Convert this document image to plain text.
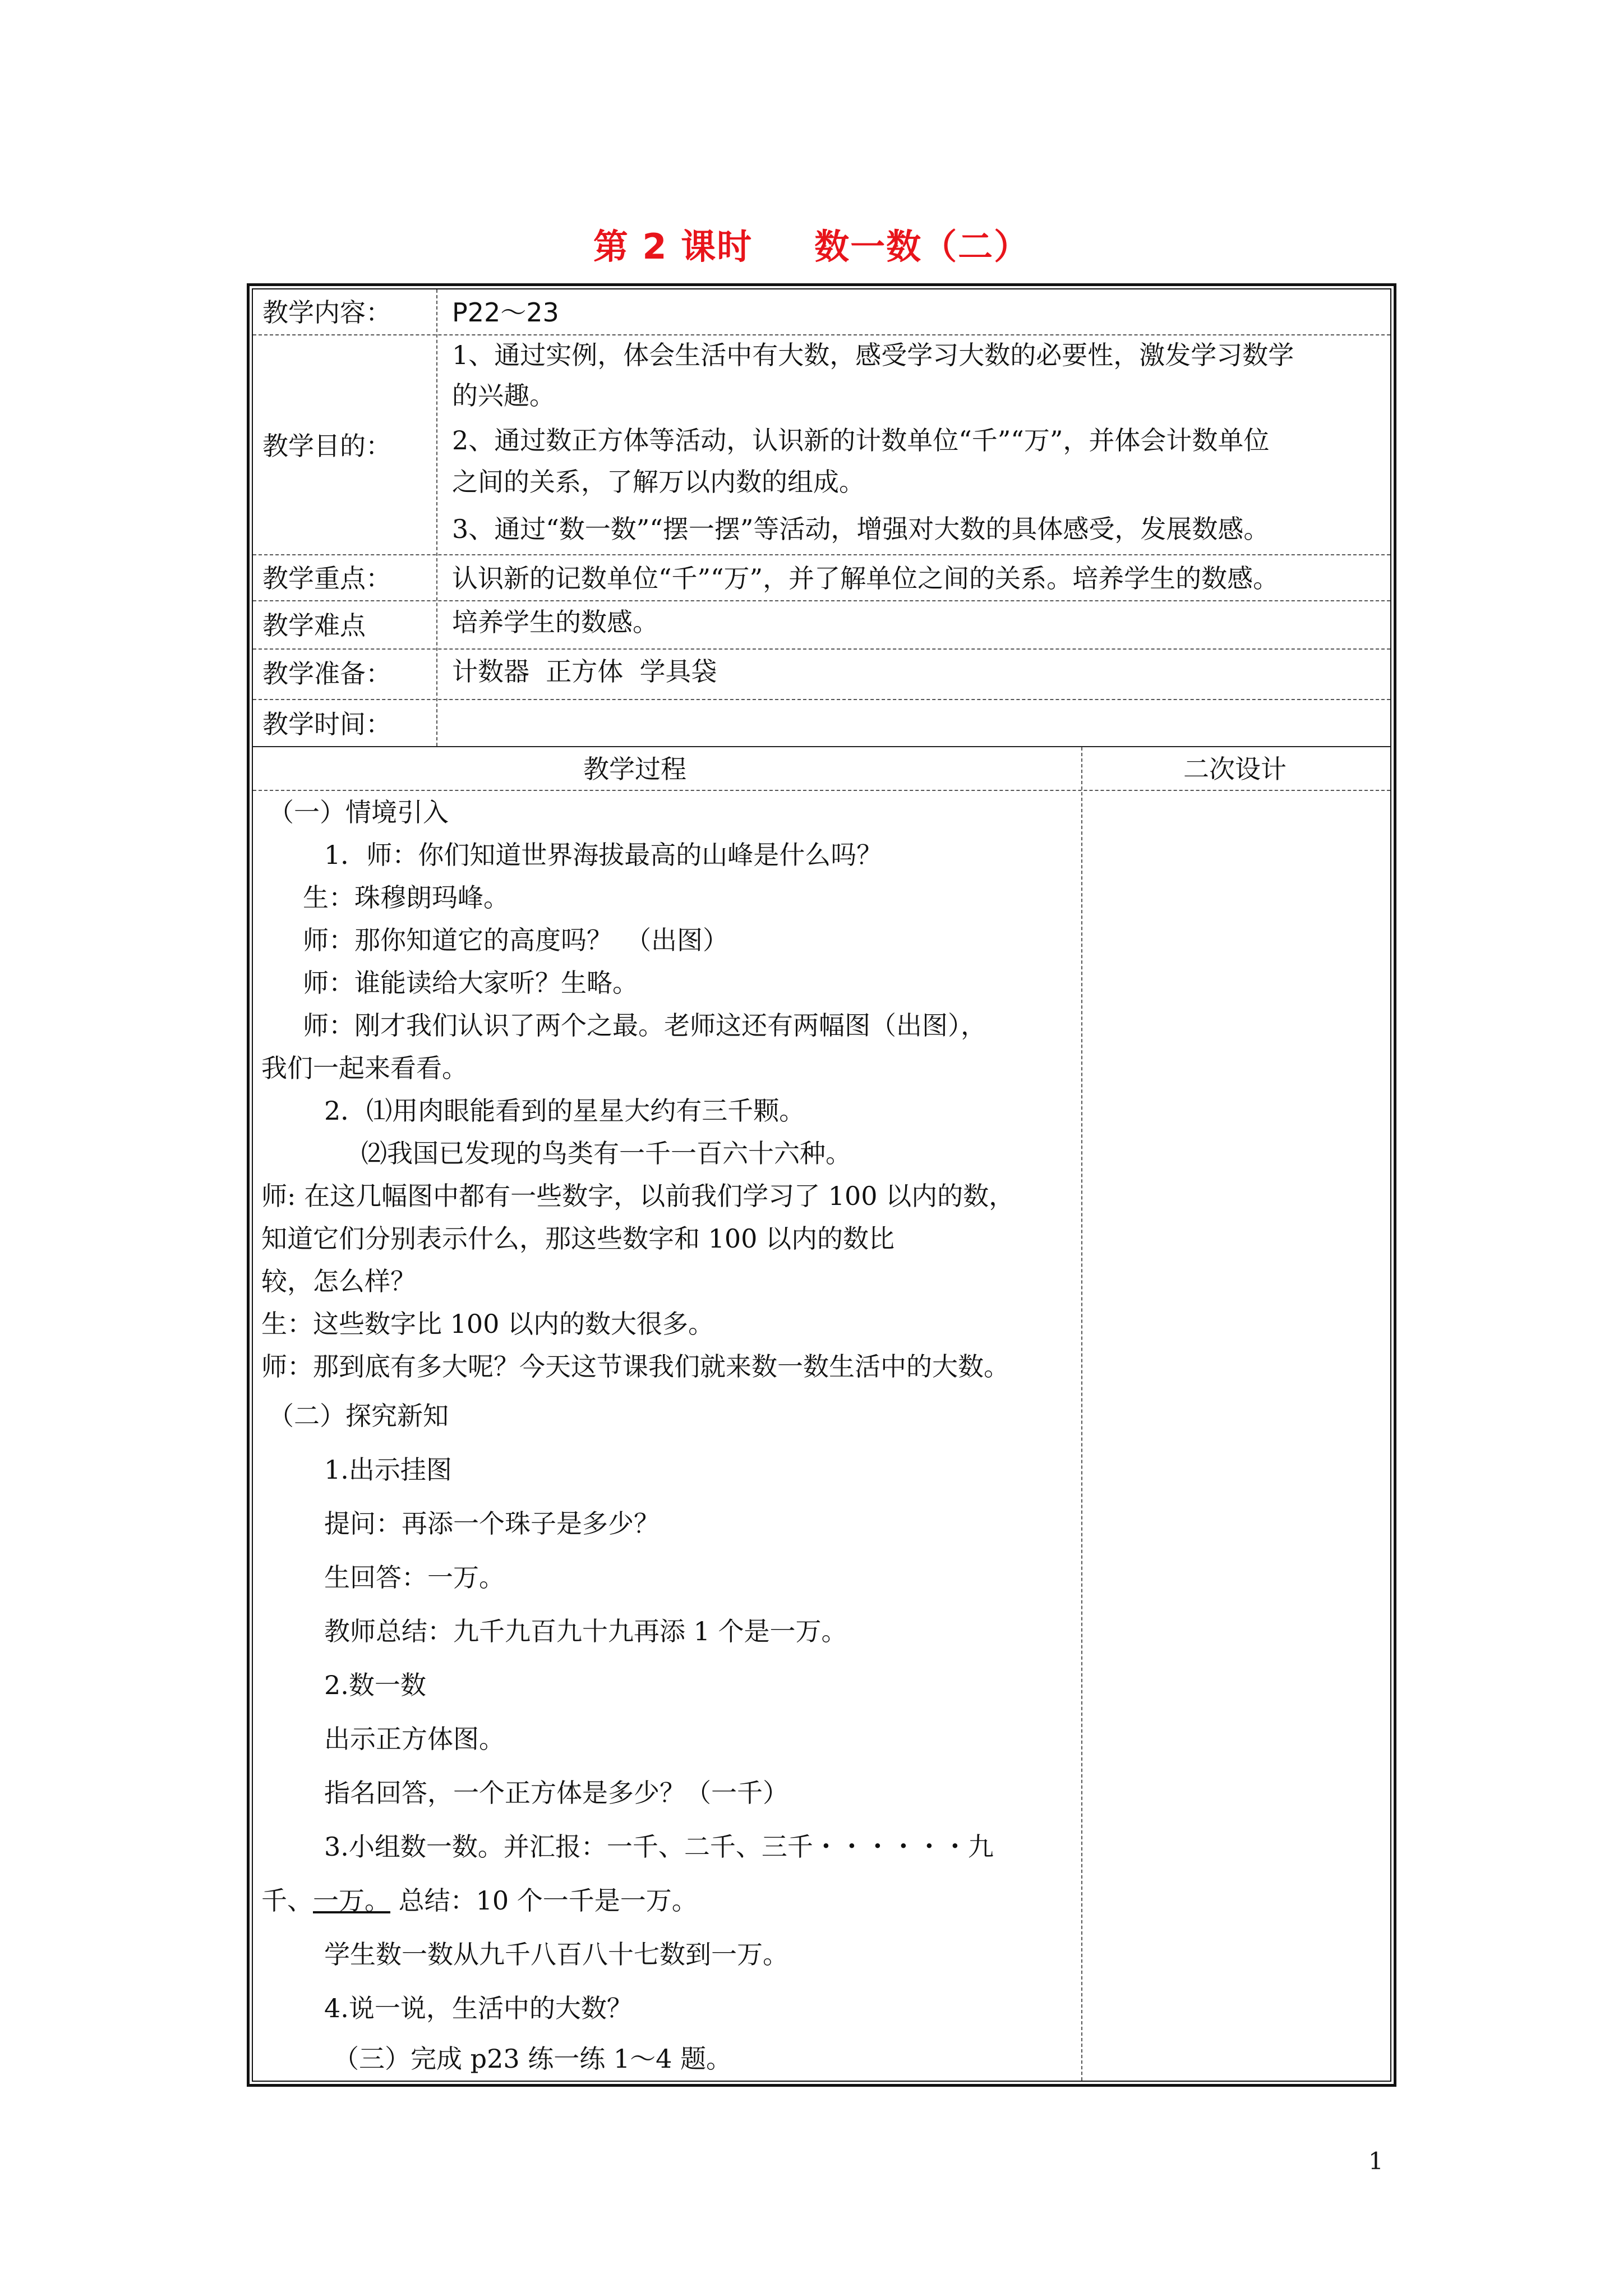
第 2 课时 数一数（二）
教学内容： P22～23
教学目的：
1、通过实例，体会生活中有大数，感受学习大数的必要性，激发学习数学
的兴趣。
2、通过数正方体等活动，认识新的计数单位“千”“万”，并体会计数单位
之间的关系，了解万以内数的组成。
3、通过“数一数”“摆一摆”等活动，增强对大数的具体感受，发展数感。
教学重点： 认识新的记数单位“千”“万”，并了解单位之间的关系。培养学生的数感。
教学难点	培养学生的数感。
教学准备： 计数器  正方体  学具袋
教学时间：
教学过程	二次设计
（一）情境引入
1．师：你们知道世界海拔最高的山峰是什么吗？
生：珠穆朗玛峰。
师：那你知道它的高度吗？　（出图）
师：谁能读给大家听？生略。
师：刚才我们认识了两个之最。老师这还有两幅图（出图），
我们一起来看看。
2．⑴用肉眼能看到的星星大约有三千颗。
⑵我国已发现的鸟类有一千一百六十六种。
师: 在这几幅图中都有一些数字，以前我们学习了 100 以内的数，
知道它们分别表示什么，那这些数字和 100 以内的数比
较，怎么样？
生：这些数字比 100 以内的数大很多。
师：那到底有多大呢？今天这节课我们就来数一数生活中的大数。
（二）探究新知
1.出示挂图
提问：再添一个珠子是多少？
生回答：一万。
教师总结：九千九百九十九再添 1 个是一万。
2.数一数
出示正方体图。
指名回答，一个正方体是多少？（一千）
3.小组数一数。并汇报：一千、二千、三千・・・・・・九
千、一万。 总结：10 个一千是一万。
学生数一数从九千八百八十七数到一万。
4.说一说，生活中的大数？
（三）完成 p23 练一练 1～4 题。
1
